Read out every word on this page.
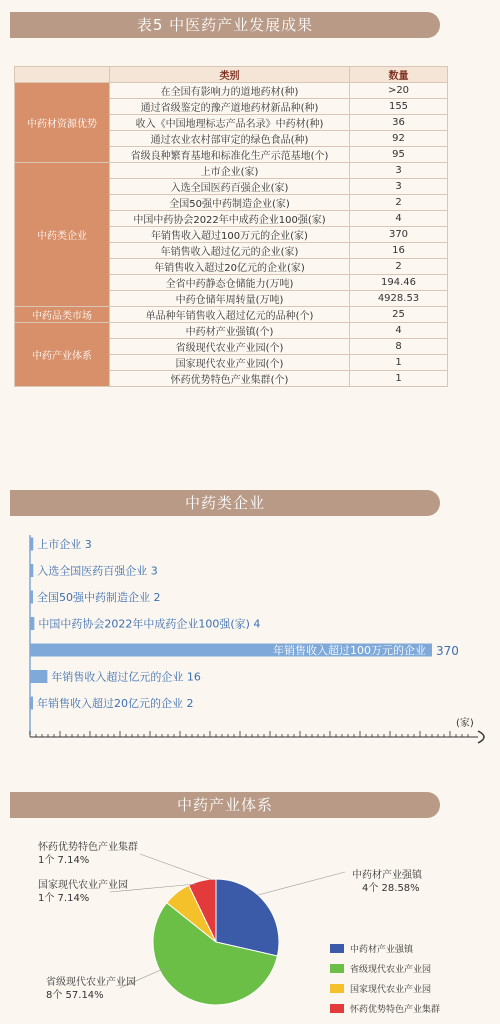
表5 中医药产业发展成果
	类别	数量
中药材资源优势	在全国有影响力的道地药材(种)	>20
	通过省级鉴定的豫产道地药材新品种(种)	155
	收入《中国地理标志产品名录》中药材(种)	36
	通过农业农村部审定的绿色食品(种)	92
	省级良种繁育基地和标准化生产示范基地(个)	95
中药类企业	上市企业(家)	3
	入选全国医药百强企业(家)	3
	全国50强中药制造企业(家)	2
	中国中药协会2022年中成药企业100强(家)	4
	年销售收入超过100万元的企业(家)	370
	年销售收入超过亿元的企业(家)	16
	年销售收入超过20亿元的企业(家)	2
	全省中药静态仓储能力(万吨)	194.46
	中药仓储年周转量(万吨)	4928.53
中药品类市场	单品种年销售收入超过亿元的品种(个)	25
中药产业体系	中药材产业强镇(个)	4
	省级现代农业产业园(个)	8
	国家现代农业产业园(个)	1
	怀药优势特色产业集群(个)	1
中药类企业
上市企业 3
入选全国医药百强企业 3
全国50强中药制造企业 2
中国中药协会2022年中成药企业100强(家) 4
年销售收入超过100万元的企业 370
年销售收入超过亿元的企业 16
年销售收入超过20亿元的企业 2
(家)
中药产业体系
中药材产业强镇
4个 28.58%
省级现代农业产业园
8个 57.14%
国家现代农业产业园
1个 7.14%
怀药优势特色产业集群
1个 7.14%
中药材产业强镇
省级现代农业产业园
国家现代农业产业园
怀药优势特色产业集群
